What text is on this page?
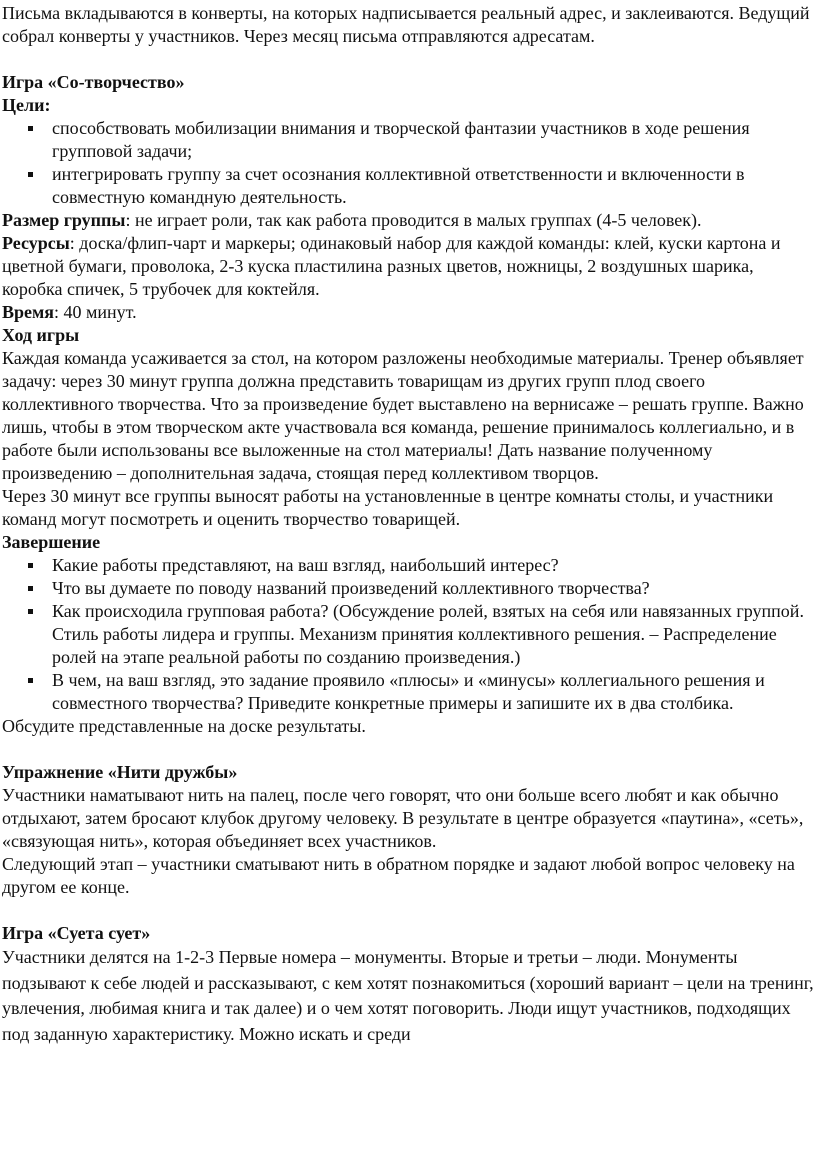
Письма вкладываются в конверты, на которых надписывается реальный адрес, и заклеиваются. Ведущий собрал конверты у участников. Через месяц письма отправляются адресатам.

Игра «Со-творчество»

Цели:

способствовать мобилизации внимания и творческой фантазии участников в ходе решения групповой задачи;
интегрировать группу за счет осознания коллективной ответственности и включенности в совместную командную деятельность.

Размер группы: не играет роли, так как работа проводится в малых группах (4-5 человек).

Ресурсы: доска/флип-чарт и маркеры; одинаковый набор для каждой команды: клей, куски картона и цветной бумаги, проволока, 2-3 куска пластилина разных цветов, ножницы, 2 воздушных шарика, коробка спичек, 5 трубочек для коктейля.

Время: 40 минут.

Ход игры

Каждая команда усаживается за стол, на котором разложены необходимые материалы. Тренер объявляет задачу: через 30 минут группа должна представить товарищам из других групп плод своего коллективного творчества. Что за произведение будет выставлено на вернисаже – решать группе. Важно лишь, чтобы в этом творческом акте участвовала вся команда, решение принималось коллегиально, и в работе были использованы все выложенные на стол материалы! Дать название полученному произведению – дополнительная задача, стоящая перед коллективом творцов.

Через 30 минут все группы выносят работы на установленные в центре комнаты столы, и участники команд могут посмотреть и оценить творчество товарищей.

Завершение

Какие работы представляют, на ваш взгляд, наибольший интерес?
Что вы думаете по поводу названий произведений коллективного творчества?
Как происходила групповая работа? (Обсуждение ролей, взятых на себя или навязанных группой. Стиль работы лидера и группы. Механизм принятия коллективного решения. – Распределение ролей на этапе реальной работы по созданию произведения.)
В чем, на ваш взгляд, это задание проявило «плюсы» и «минусы» коллегиального решения и совместного творчества? Приведите конкретные примеры и запишите их в два столбика.

Обсудите представленные на доске результаты.

Упражнение «Нити дружбы»

Участники наматывают нить на палец, после чего говорят, что они больше всего любят и как обычно отдыхают, затем бросают клубок другому человеку. В результате в центре образуется «паутина», «сеть», «связующая нить», которая объединяет всех участников.

Следующий этап – участники сматывают нить в обратном порядке и задают любой вопрос человеку на другом ее конце.

Игра «Суета сует»

Участники делятся на 1-2-3 Первые номера – монументы. Вторые и третьи – люди. Монументы подзывают к себе людей и рассказывают, с кем хотят познакомиться (хороший вариант – цели на тренинг, увлечения, любимая книга и так далее) и о чем хотят поговорить. Люди ищут участников, подходящих под заданную характеристику. Можно искать и среди
